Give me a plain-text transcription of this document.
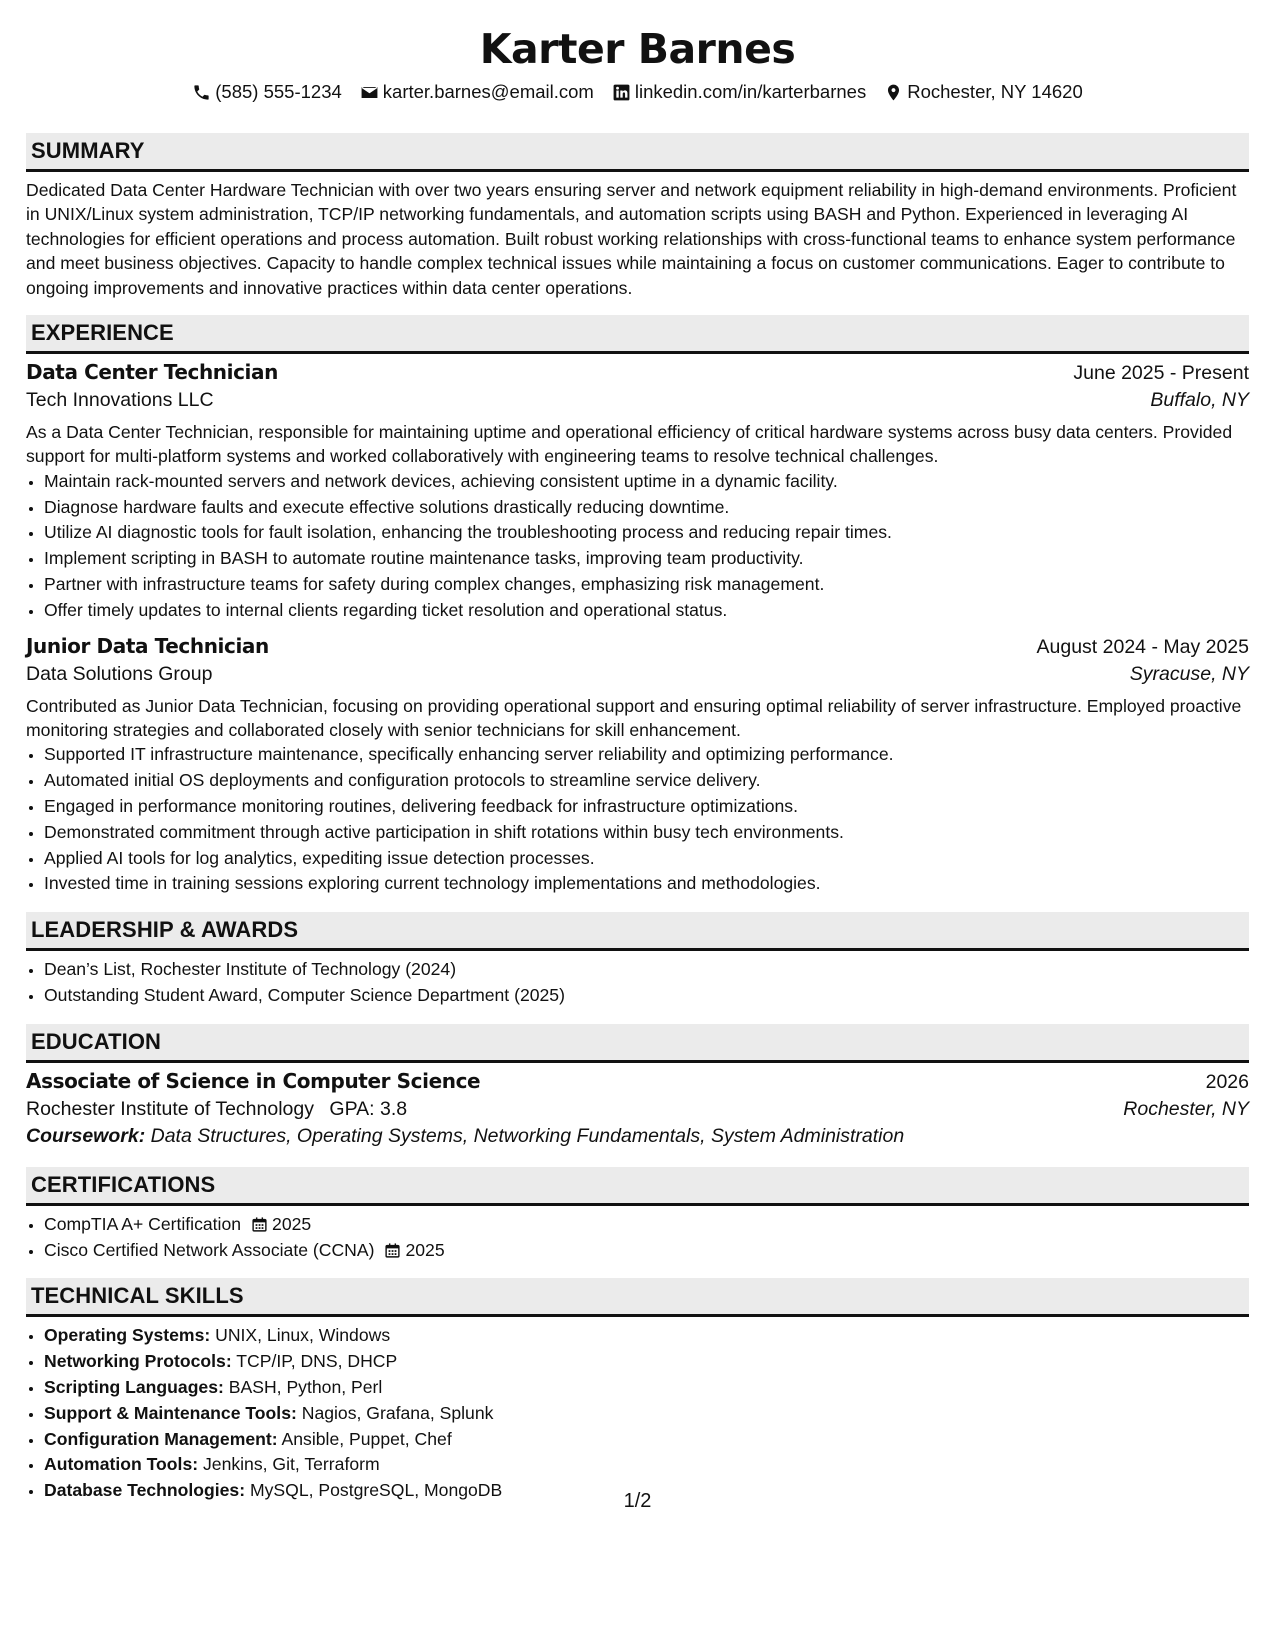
Karter Barnes
(585) 555-1234 karter.barnes@email.com linkedin.com/in/karterbarnes Rochester, NY 14620
SUMMARY
Dedicated Data Center Hardware Technician with over two years ensuring server and network equipment reliability in high-demand environments. Proficient in UNIX/Linux system administration, TCP/IP networking fundamentals, and automation scripts using BASH and Python. Experienced in leveraging AI technologies for efficient operations and process automation. Built robust working relationships with cross-functional teams to enhance system performance and meet business objectives. Capacity to handle complex technical issues while maintaining a focus on customer communications. Eager to contribute to ongoing improvements and innovative practices within data center operations.
EXPERIENCE
Data Center Technician	June 2025 - Present
Tech Innovations LLC	Buffalo, NY
As a Data Center Technician, responsible for maintaining uptime and operational efficiency of critical hardware systems across busy data centers. Provided support for multi-platform systems and worked collaboratively with engineering teams to resolve technical challenges.
• Maintain rack-mounted servers and network devices, achieving consistent uptime in a dynamic facility.
• Diagnose hardware faults and execute effective solutions drastically reducing downtime.
• Utilize AI diagnostic tools for fault isolation, enhancing the troubleshooting process and reducing repair times.
• Implement scripting in BASH to automate routine maintenance tasks, improving team productivity.
• Partner with infrastructure teams for safety during complex changes, emphasizing risk management.
• Offer timely updates to internal clients regarding ticket resolution and operational status.
Junior Data Technician	August 2024 - May 2025
Data Solutions Group	Syracuse, NY
Contributed as Junior Data Technician, focusing on providing operational support and ensuring optimal reliability of server infrastructure. Employed proactive monitoring strategies and collaborated closely with senior technicians for skill enhancement.
• Supported IT infrastructure maintenance, specifically enhancing server reliability and optimizing performance.
• Automated initial OS deployments and configuration protocols to streamline service delivery.
• Engaged in performance monitoring routines, delivering feedback for infrastructure optimizations.
• Demonstrated commitment through active participation in shift rotations within busy tech environments.
• Applied AI tools for log analytics, expediting issue detection processes.
• Invested time in training sessions exploring current technology implementations and methodologies.
LEADERSHIP & AWARDS
• Dean’s List, Rochester Institute of Technology (2024)
• Outstanding Student Award, Computer Science Department (2025)
EDUCATION
Associate of Science in Computer Science	2026
Rochester Institute of Technology GPA: 3.8	Rochester, NY
Coursework: Data Structures, Operating Systems, Networking Fundamentals, System Administration
CERTIFICATIONS
• CompTIA A+ Certification 2025
• Cisco Certified Network Associate (CCNA) 2025
TECHNICAL SKILLS
• Operating Systems: UNIX, Linux, Windows
• Networking Protocols: TCP/IP, DNS, DHCP
• Scripting Languages: BASH, Python, Perl
• Support & Maintenance Tools: Nagios, Grafana, Splunk
• Configuration Management: Ansible, Puppet, Chef
• Automation Tools: Jenkins, Git, Terraform
• Database Technologies: MySQL, PostgreSQL, MongoDB	1/2
